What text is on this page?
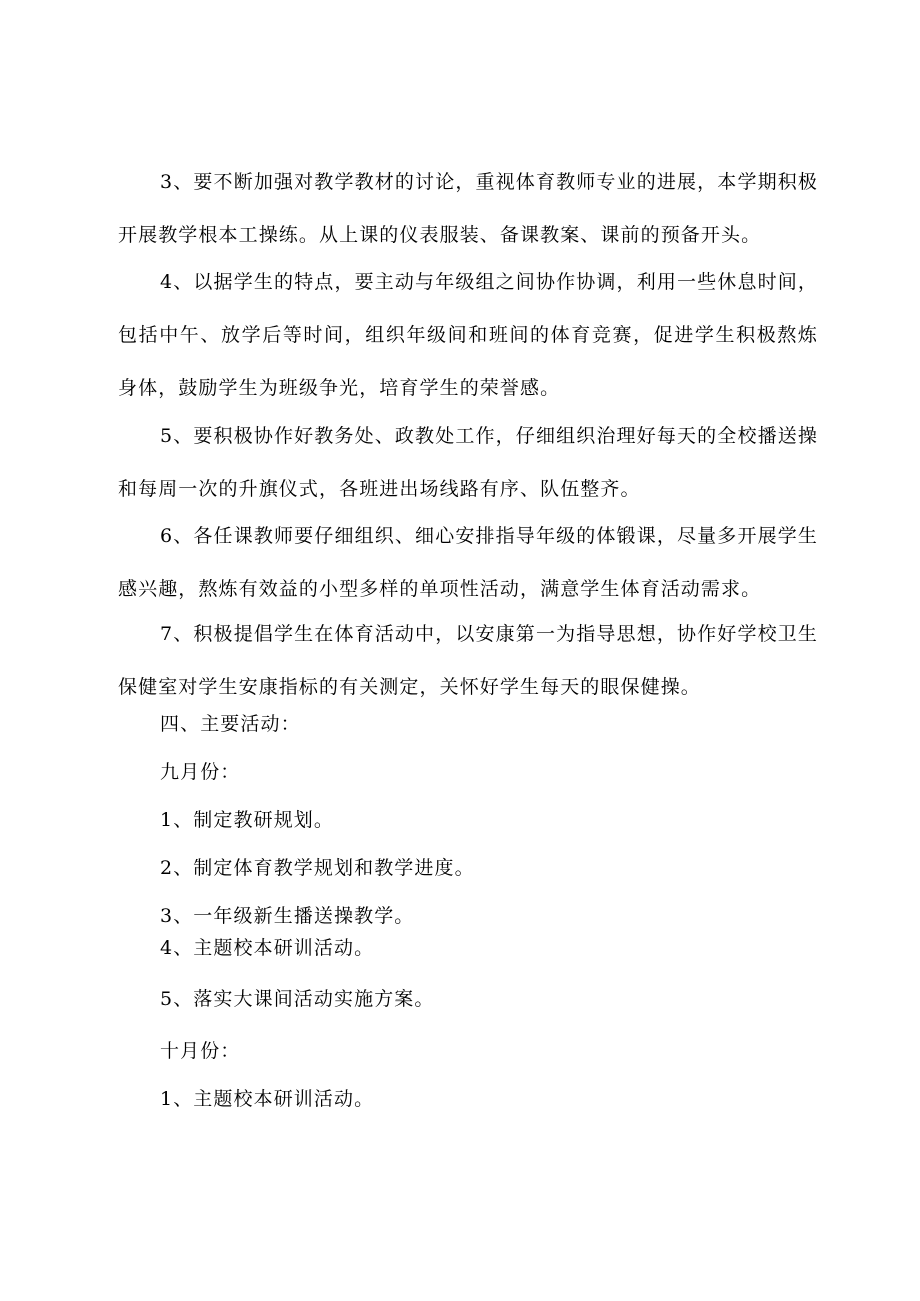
3、要不断加强对教学教材的讨论，重视体育教师专业的进展，本学期积极开展教学根本工操练。从上课的仪表服装、备课教案、课前的预备开头。

4、以据学生的特点，要主动与年级组之间协作协调，利用一些休息时间，包括中午、放学后等时间，组织年级间和班间的体育竞赛，促进学生积极熬炼身体，鼓励学生为班级争光，培育学生的荣誉感。

5、要积极协作好教务处、政教处工作，仔细组织治理好每天的全校播送操和每周一次的升旗仪式，各班进出场线路有序、队伍整齐。

6、各任课教师要仔细组织、细心安排指导年级的体锻课，尽量多开展学生感兴趣，熬炼有效益的小型多样的单项性活动，满意学生体育活动需求。

7、积极提倡学生在体育活动中，以安康第一为指导思想，协作好学校卫生保健室对学生安康指标的有关测定，关怀好学生每天的眼保健操。

四、主要活动：

九月份：

1、制定教研规划。

2、制定体育教学规划和教学进度。

3、一年级新生播送操教学。

4、主题校本研训活动。

5、落实大课间活动实施方案。

十月份：

1、主题校本研训活动。
